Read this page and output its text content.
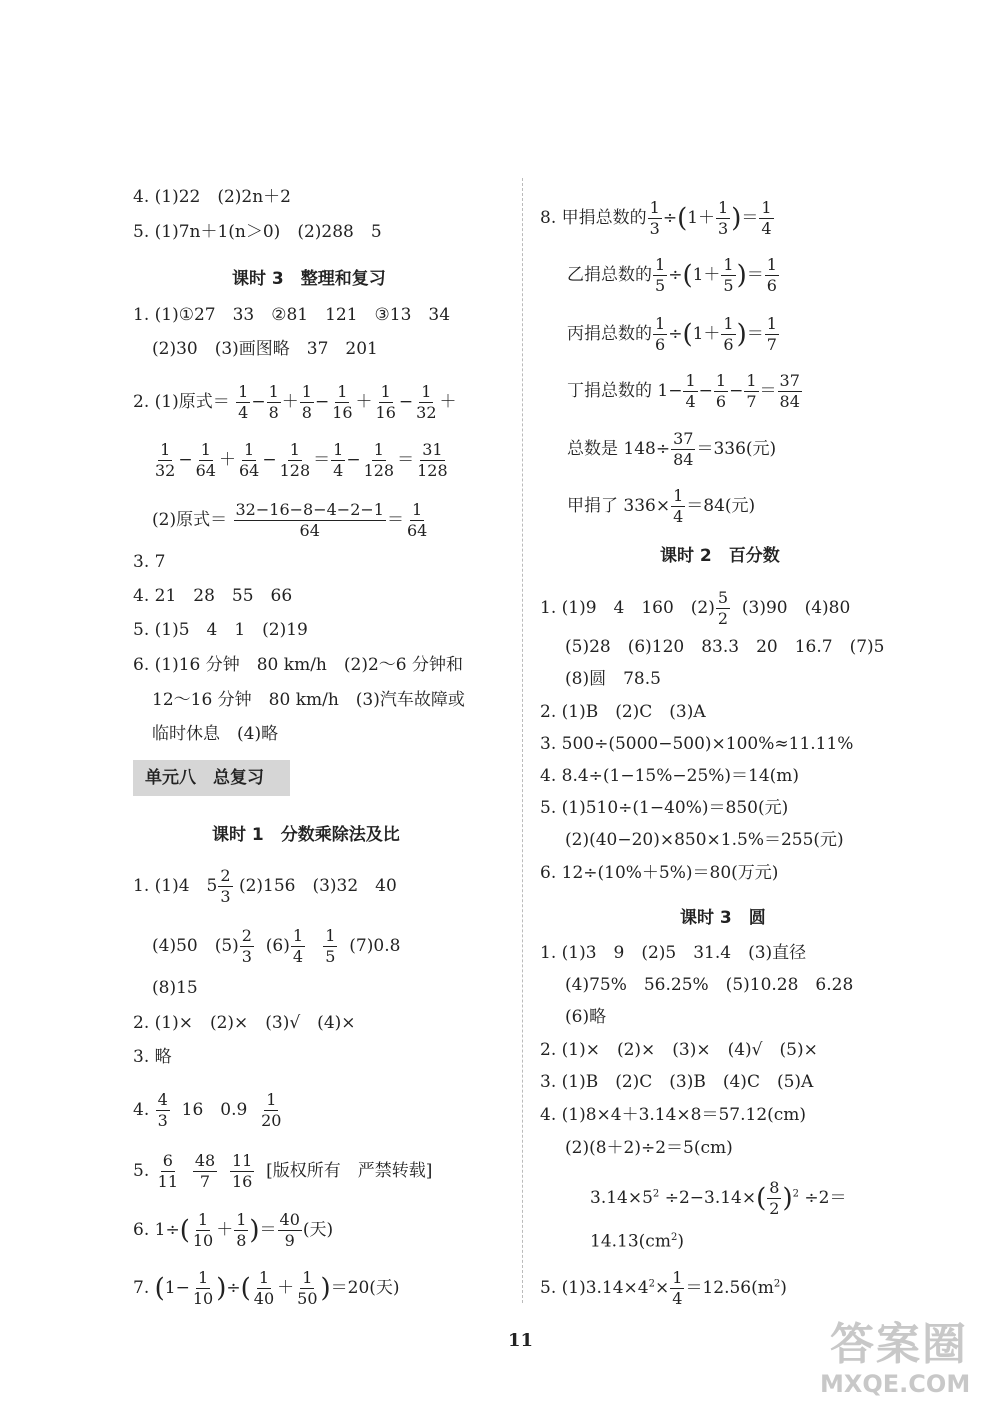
4. (1)22　(2)2n＋2
5. (1)7n＋1(n＞0)　(2)288　5
课时 3　整理和复习
1. (1)①27　33　②81　121　③13　34
(2)30　(3)画图略　37　201
2. (1)原式＝ $\frac{1}{4} - \frac{1}{8} + \frac{1}{8} - \frac{1}{16} + \frac{1}{16} - \frac{1}{32}$ ＋
$\frac{1}{32} - \frac{1}{64} + \frac{1}{64} - \frac{1}{128} = \frac{1}{4} - \frac{1}{128} = \frac{31}{128}$
(2)原式＝ $\frac{32-16-8-4-2-1}{64} = \frac{1}{64}$
3. 7
4. 21　28　55　66
5. (1)5　4　1　(2)19
6. (1)16 分钟　80 km/h　(2)2～6 分钟和
12～16 分钟　80 km/h　(3)汽车故障或
临时休息　(4)略
单元八　总复习
课时 1　分数乘除法及比
1. (1)4　$5 \frac{2}{3} (2)156$　(3)32　40
(4)50　$(5) \frac{2}{3} (6) \frac{1}{4}$
$\frac{1}{5} (7)0.8$
(8)15
2. (1)×　(2)×　(3)√　(4)×
3. 略
4. $\frac{4}{3} 16$　$0.9 \frac{1}{20}$
5. $\frac{6}{11}$
$\frac{48}{7}$
$\frac{11}{16}$ [版权所有　严禁转载]
6. $1\div( \frac{1}{10} + \frac{1}{8}$ )＝ $\frac{40}{9}$ (天)
7. ($1- \frac{1}{10}$ )÷( $\frac{1}{40} + \frac{1}{50} )=20$(天)
8. 甲捐总数的 $\frac{1}{3} \div(1+ \frac{1}{3}$ )＝ $\frac{1}{4}$
乙捐总数的 $\frac{1}{5} \div(1+ \frac{1}{5}$ )＝ $\frac{1}{6}$
丙捐总数的 $\frac{1}{6} \div(1+ \frac{1}{6}$ )＝ $\frac{1}{7}$
丁捐总数的 $1- \frac{1}{4} - \frac{1}{6} - \frac{1}{7} = \frac{37}{84}$
总数是 $148\div \frac{37}{84} =336$(元)
甲捐了 $336\times \frac{1}{4} =84$(元)
课时 2　百分数
1. (1)9　4　160　$(2) \frac{5}{2} (3)90$　(4)80
(5)28　(6)120　83.3　20　16.7　(7)5
(8)圆　78.5
2. (1)B　(2)C　(3)A
3. 500÷(5000−500)×100%≈11.11%
4. 8.4÷(1−15%−25%)＝14(m)
5. (1)510÷(1−40%)＝850(元)
(2)(40−20)×850×1.5%＝255(元)
6. 12÷(10%＋5%)＝80(万元)
课时 3　圆
1. (1)3　9　(2)5　31.4　(3)直径
(4)75%　56.25%　(5)10.28　6.28
(6)略
2. (1)×　(2)×　(3)×　(4)√　(5)×
3. (1)B　(2)C　(3)B　(4)C　(5)A
4. (1)8×4＋3.14×8＝57.12(cm)
(2)(8＋2)÷2＝5(cm)
$3.14\times 5^2 \div 2-3.14\times( \frac{8}{2} )^2 \div 2=$
$14.13(cm^2)$
5. $(1)3.14\times 4^2\times \frac{1}{4} =12.56(m^2)$
11	答案圈
MXQE.COM
